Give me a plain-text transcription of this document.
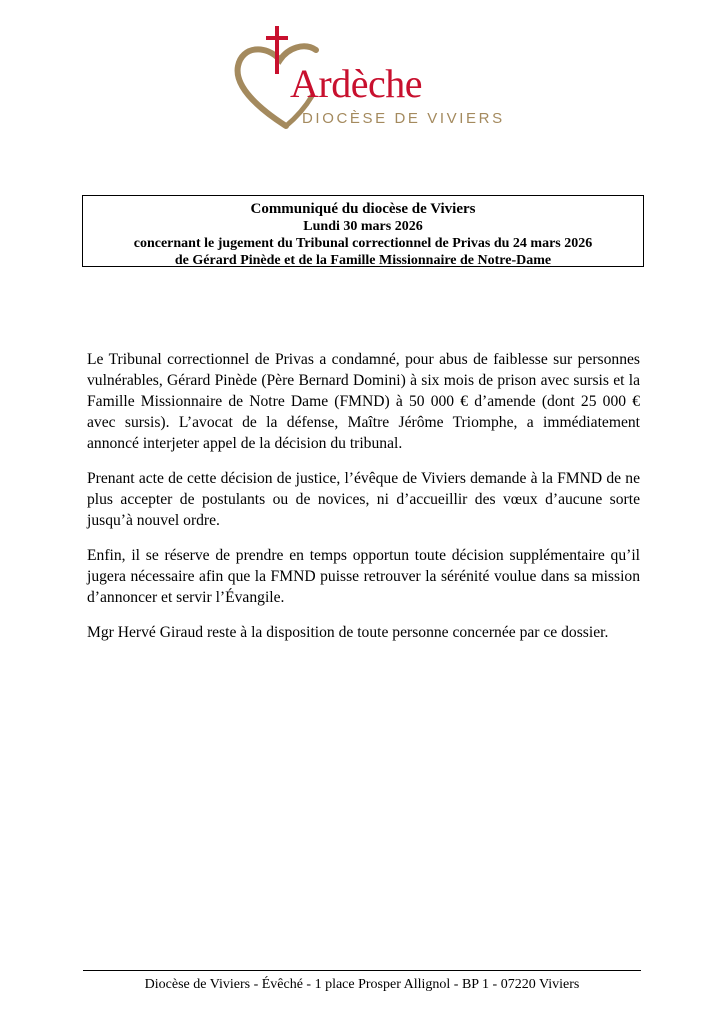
Ardèche
DIOCÈSE DE VIVIERS
Communiqué du diocèse de Viviers
Lundi 30 mars 2026
concernant le jugement du Tribunal correctionnel de Privas du 24 mars 2026
de Gérard Pinède et de la Famille Missionnaire de Notre-Dame

Le Tribunal correctionnel de Privas a condamné, pour abus de faiblesse sur personnes vulnérables, Gérard Pinède (Père Bernard Domini) à six mois de prison avec sursis et la Famille Missionnaire de Notre Dame (FMND) à 50 000 € d’amende (dont 25 000 € avec sursis). L’avocat de la défense, Maître Jérôme Triomphe, a immédiatement annoncé interjeter appel de la décision du tribunal.

Prenant acte de cette décision de justice, l’évêque de Viviers demande à la FMND de ne plus accepter de postulants ou de novices, ni d’accueillir des vœux d’aucune sorte jusqu’à nouvel ordre.

Enfin, il se réserve de prendre en temps opportun toute décision supplémentaire qu’il jugera nécessaire afin que la FMND puisse retrouver la sérénité voulue dans sa mission d’annoncer et servir l’Évangile.

Mgr Hervé Giraud reste à la disposition de toute personne concernée par ce dossier.

Diocèse de Viviers - Évêché - 1 place Prosper Allignol - BP 1 - 07220 Viviers
